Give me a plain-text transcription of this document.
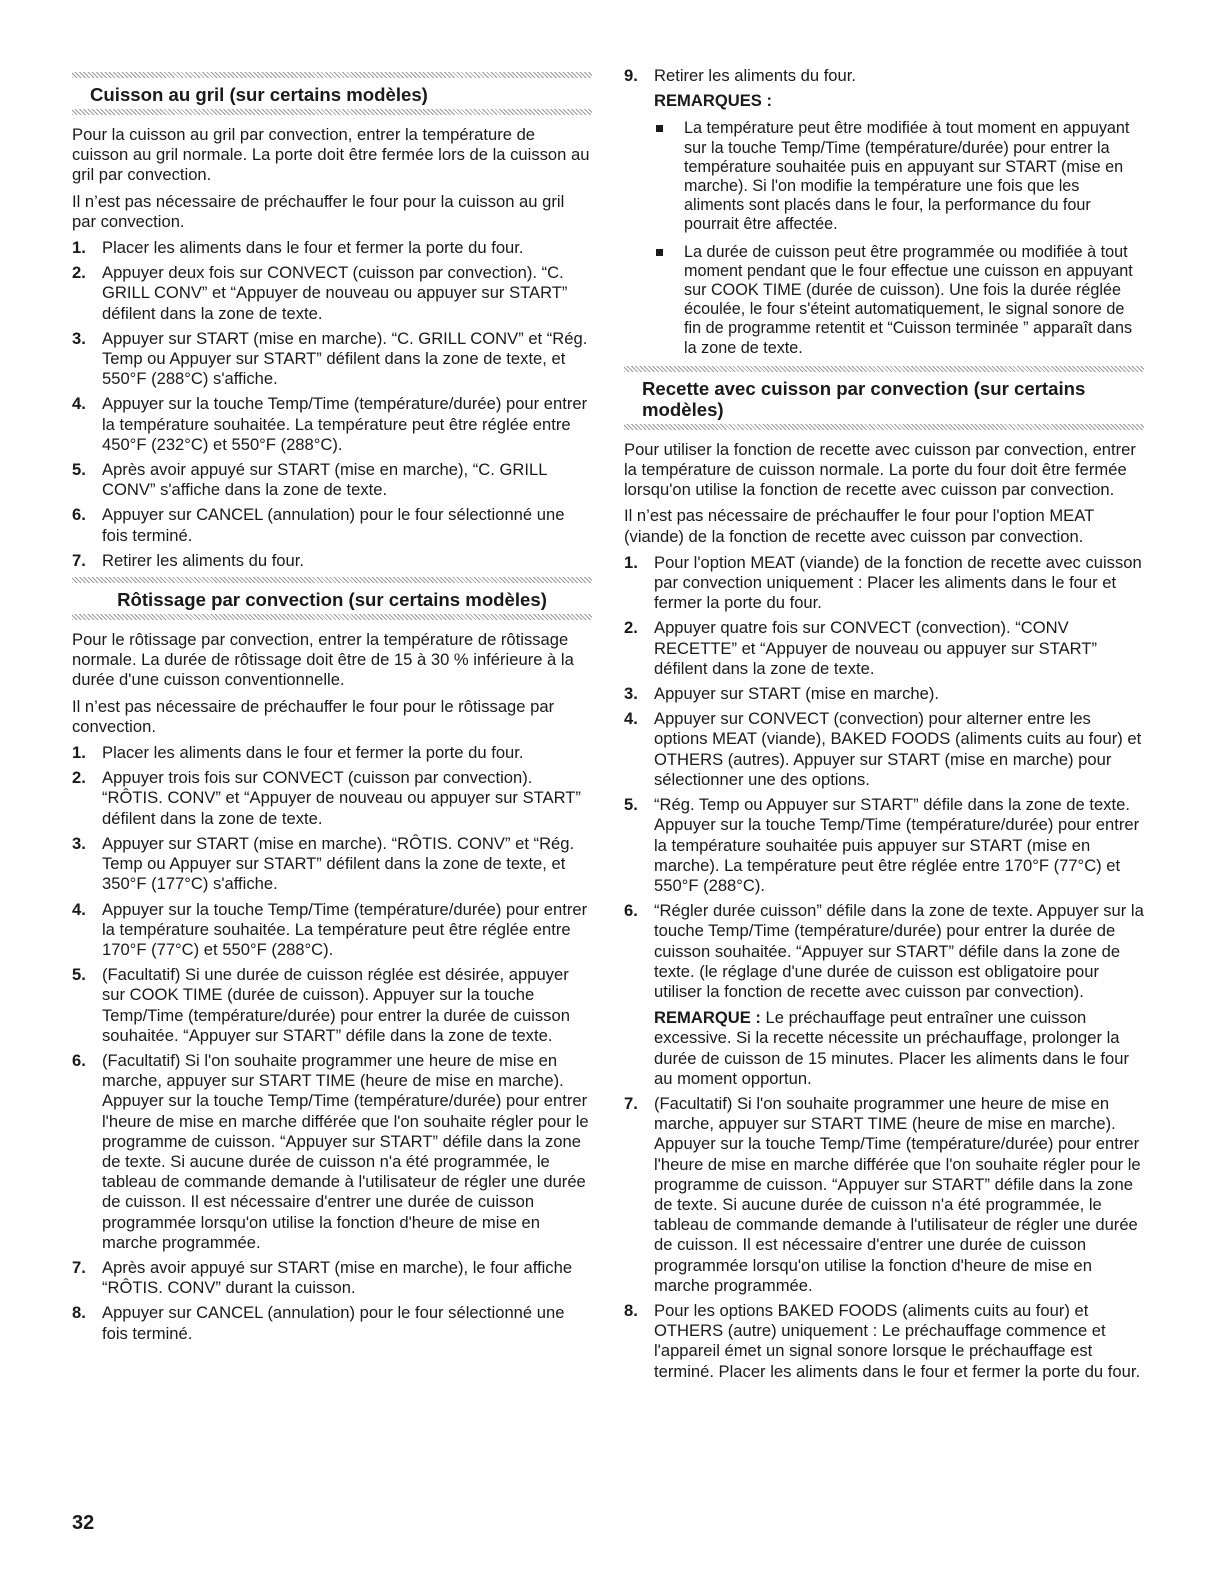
Cuisson au gril (sur certains modèles)

Pour la cuisson au gril par convection, entrer la température de cuisson au gril normale. La porte doit être fermée lors de la cuisson au gril par convection.

Il n’est pas nécessaire de préchauffer le four pour la cuisson au gril par convection.

1. Placer les aliments dans le four et fermer la porte du four.
2. Appuyer deux fois sur CONVECT (cuisson par convection). “C. GRILL CONV” et “Appuyer de nouveau ou appuyer sur START” défilent dans la zone de texte.
3. Appuyer sur START (mise en marche). “C. GRILL CONV” et “Rég. Temp ou Appuyer sur START” défilent dans la zone de texte, et 550°F (288°C) s'affiche.
4. Appuyer sur la touche Temp/Time (température/durée) pour entrer la température souhaitée. La température peut être réglée entre 450°F (232°C) et 550°F (288°C).
5. Après avoir appuyé sur START (mise en marche), “C. GRILL CONV” s'affiche dans la zone de texte.
6. Appuyer sur CANCEL (annulation) pour le four sélectionné une fois terminé.
7. Retirer les aliments du four.
Rôtissage par convection (sur certains modèles)

Pour le rôtissage par convection, entrer la température de rôtissage normale. La durée de rôtissage doit être de 15 à 30 % inférieure à la durée d'une cuisson conventionnelle.

Il n’est pas nécessaire de préchauffer le four pour le rôtissage par convection.

1. Placer les aliments dans le four et fermer la porte du four.
2. Appuyer trois fois sur CONVECT (cuisson par convection). “RÔTIS. CONV” et “Appuyer de nouveau ou appuyer sur START” défilent dans la zone de texte.
3. Appuyer sur START (mise en marche). “RÔTIS. CONV” et “Rég. Temp ou Appuyer sur START” défilent dans la zone de texte, et 350°F (177°C) s'affiche.
4. Appuyer sur la touche Temp/Time (température/durée) pour entrer la température souhaitée. La température peut être réglée entre 170°F (77°C) et 550°F (288°C).
5. (Facultatif) Si une durée de cuisson réglée est désirée, appuyer sur COOK TIME (durée de cuisson). Appuyer sur la touche Temp/Time (température/durée) pour entrer la durée de cuisson souhaitée. “Appuyer sur START” défile dans la zone de texte.
6. (Facultatif) Si l'on souhaite programmer une heure de mise en marche, appuyer sur START TIME (heure de mise en marche). Appuyer sur la touche Temp/Time (température/durée) pour entrer l'heure de mise en marche différée que l'on souhaite régler pour le programme de cuisson. “Appuyer sur START” défile dans la zone de texte. Si aucune durée de cuisson n'a été programmée, le tableau de commande demande à l'utilisateur de régler une durée de cuisson. Il est nécessaire d'entrer une durée de cuisson programmée lorsqu'on utilise la fonction d'heure de mise en marche programmée.
7. Après avoir appuyé sur START (mise en marche), le four affiche “RÔTIS. CONV” durant la cuisson.
8. Appuyer sur CANCEL (annulation) pour le four sélectionné une fois terminé.
9. Retirer les aliments du four.
REMARQUES :
La température peut être modifiée à tout moment en appuyant sur la touche Temp/Time (température/durée) pour entrer la température souhaitée puis en appuyant sur START (mise en marche). Si l'on modifie la température une fois que les aliments sont placés dans le four, la performance du four pourrait être affectée.
La durée de cuisson peut être programmée ou modifiée à tout moment pendant que le four effectue une cuisson en appuyant sur COOK TIME (durée de cuisson). Une fois la durée réglée écoulée, le four s'éteint automatiquement, le signal sonore de fin de programme retentit et “Cuisson terminée ” apparaît dans la zone de texte.
Recette avec cuisson par convection (sur certains modèles)

Pour utiliser la fonction de recette avec cuisson par convection, entrer la température de cuisson normale. La porte du four doit être fermée lorsqu'on utilise la fonction de recette avec cuisson par convection.

Il n’est pas nécessaire de préchauffer le four pour l'option MEAT (viande) de la fonction de recette avec cuisson par convection.

1. Pour l'option MEAT (viande) de la fonction de recette avec cuisson par convection uniquement : Placer les aliments dans le four et fermer la porte du four.
2. Appuyer quatre fois sur CONVECT (convection). “CONV RECETTE” et “Appuyer de nouveau ou appuyer sur START” défilent dans la zone de texte.
3. Appuyer sur START (mise en marche).
4. Appuyer sur CONVECT (convection) pour alterner entre les options MEAT (viande), BAKED FOODS (aliments cuits au four) et OTHERS (autres). Appuyer sur START (mise en marche) pour sélectionner une des options.
5. “Rég. Temp ou Appuyer sur START” défile dans la zone de texte. Appuyer sur la touche Temp/Time (température/durée) pour entrer la température souhaitée puis appuyer sur START (mise en marche). La température peut être réglée entre 170°F (77°C) et 550°F (288°C).
6. “Régler durée cuisson” défile dans la zone de texte. Appuyer sur la touche Temp/Time (température/durée) pour entrer la durée de cuisson souhaitée. “Appuyer sur START” défile dans la zone de texte. (le réglage d'une durée de cuisson est obligatoire pour utiliser la fonction de recette avec cuisson par convection).
REMARQUE : Le préchauffage peut entraîner une cuisson excessive. Si la recette nécessite un préchauffage, prolonger la durée de cuisson de 15 minutes. Placer les aliments dans le four au moment opportun.
7. (Facultatif) Si l'on souhaite programmer une heure de mise en marche, appuyer sur START TIME (heure de mise en marche). Appuyer sur la touche Temp/Time (température/durée) pour entrer l'heure de mise en marche différée que l'on souhaite régler pour le programme de cuisson. “Appuyer sur START” défile dans la zone de texte. Si aucune durée de cuisson n'a été programmée, le tableau de commande demande à l'utilisateur de régler une durée de cuisson. Il est nécessaire d'entrer une durée de cuisson programmée lorsqu'on utilise la fonction d'heure de mise en marche programmée.
8. Pour les options BAKED FOODS (aliments cuits au four) et OTHERS (autre) uniquement : Le préchauffage commence et l'appareil émet un signal sonore lorsque le préchauffage est terminé. Placer les aliments dans le four et fermer la porte du four.
32
